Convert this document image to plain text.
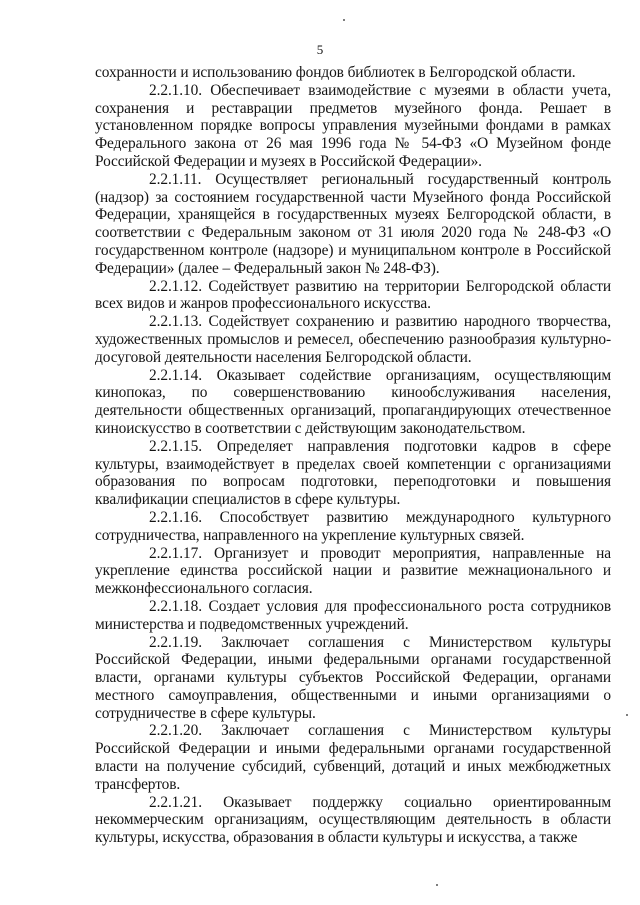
5

сохранности и использованию фондов библиотек в Белгородской области.

2.2.1.10. Обеспечивает взаимодействие с музеями в области учета, сохранения и реставрации предметов музейного фонда. Решает в установленном порядке вопросы управления музейными фондами в рамках Федерального закона от 26 мая 1996 года № 54-ФЗ «О Музейном фонде Российской Федерации и музеях в Российской Федерации».

2.2.1.11. Осуществляет региональный государственный контроль (надзор) за состоянием государственной части Музейного фонда Российской Федерации, хранящейся в государственных музеях Белгородской области, в соответствии с Федеральным законом от 31 июля 2020 года № 248-ФЗ «О государственном контроле (надзоре) и муниципальном контроле в Российской Федерации» (далее – Федеральный закон № 248-ФЗ).

2.2.1.12. Содействует развитию на территории Белгородской области всех видов и жанров профессионального искусства.

2.2.1.13. Содействует сохранению и развитию народного творчества, художественных промыслов и ремесел, обеспечению разнообразия культурно-досуговой деятельности населения Белгородской области.

2.2.1.14. Оказывает содействие организациям, осуществляющим кинопоказ, по совершенствованию кинообслуживания населения, деятельности общественных организаций, пропагандирующих отечественное киноискусство в соответствии с действующим законодательством.

2.2.1.15. Определяет направления подготовки кадров в сфере культуры, взаимодействует в пределах своей компетенции с организациями образования по вопросам подготовки, переподготовки и повышения квалификации специалистов в сфере культуры.

2.2.1.16. Способствует развитию международного культурного сотрудничества, направленного на укрепление культурных связей.

2.2.1.17. Организует и проводит мероприятия, направленные на укрепление единства российской нации и развитие межнационального и межконфессионального согласия.

2.2.1.18. Создает условия для профессионального роста сотрудников министерства и подведомственных учреждений.

2.2.1.19. Заключает соглашения с Министерством культуры Российской Федерации, иными федеральными органами государственной власти, органами культуры субъектов Российской Федерации, органами местного самоуправления, общественными и иными организациями о сотрудничестве в сфере культуры.

2.2.1.20. Заключает соглашения с Министерством культуры Российской Федерации и иными федеральными органами государственной власти на получение субсидий, субвенций, дотаций и иных межбюджетных трансфертов.

2.2.1.21. Оказывает поддержку социально ориентированным некоммерческим организациям, осуществляющим деятельность в области культуры, искусства, образования в области культуры и искусства, а также
